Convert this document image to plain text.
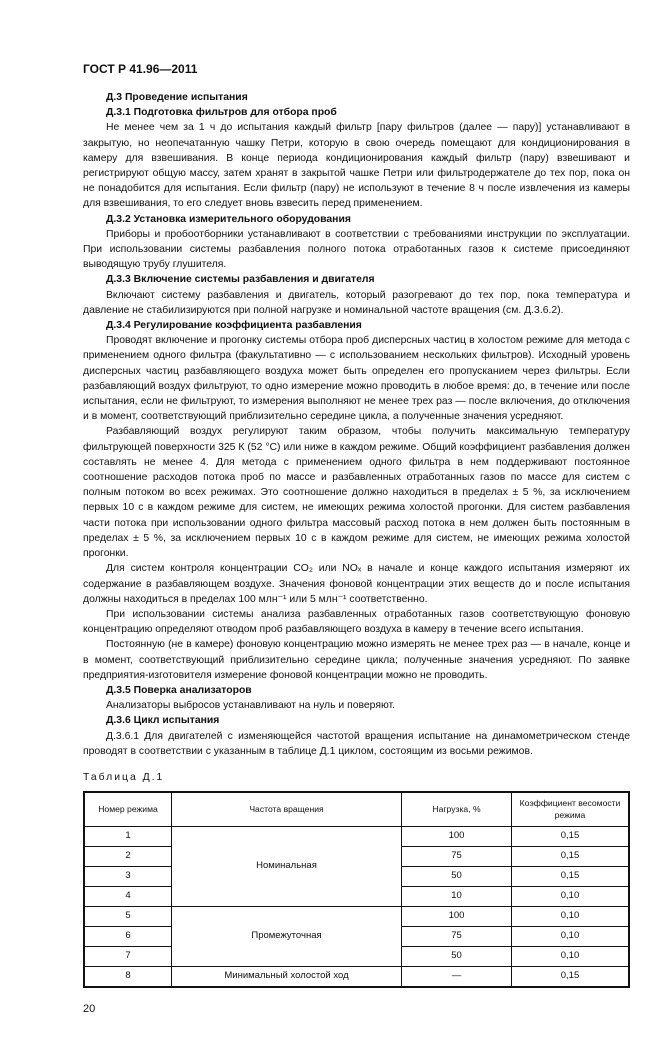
ГОСТ Р 41.96—2011
Д.3 Проведение испытания
Д.3.1 Подготовка фильтров для отбора проб
Не менее чем за 1 ч до испытания каждый фильтр [пару фильтров (далее — пару)] устанавливают в закрытую, но неопечатанную чашку Петри, которую в свою очередь помещают для кондиционирования в камеру для взвешивания. В конце периода кондиционирования каждый фильтр (пару) взвешивают и регистрируют общую массу, затем хранят в закрытой чашке Петри или фильтродержателе до тех пор, пока он не понадобится для испытания. Если фильтр (пару) не используют в течение 8 ч после извлечения из камеры для взвешивания, то его следует вновь взвесить перед применением.
Д.3.2 Установка измерительного оборудования
Приборы и пробоотборники устанавливают в соответствии с требованиями инструкции по эксплуатации. При использовании системы разбавления полного потока отработанных газов к системе присоединяют выводящую трубу глушителя.
Д.3.3 Включение системы разбавления и двигателя
Включают систему разбавления и двигатель, который разогревают до тех пор, пока температура и давление не стабилизируются при полной нагрузке и номинальной частоте вращения (см. Д.3.6.2).
Д.3.4 Регулирование коэффициента разбавления
Проводят включение и прогонку системы отбора проб дисперсных частиц в холостом режиме для метода с применением одного фильтра (факультативно — с использованием нескольких фильтров). Исходный уровень дисперсных частиц разбавляющего воздуха может быть определен его пропусканием через фильтры. Если разбавляющий воздух фильтруют, то одно измерение можно проводить в любое время: до, в течение или после испытания, если не фильтруют, то измерения выполняют не менее трех раз — после включения, до отключения и в момент, соответствующий приблизительно середине цикла, а полученные значения усредняют.
Разбавляющий воздух регулируют таким образом, чтобы получить максимальную температуру фильтрующей поверхности 325 К (52 °С) или ниже в каждом режиме. Общий коэффициент разбавления должен составлять не менее 4. Для метода с применением одного фильтра в нем поддерживают постоянное соотношение расходов потока проб по массе и разбавленных отработанных газов по массе для систем с полным потоком во всех режимах. Это соотношение должно находиться в пределах ± 5 %, за исключением первых 10 с в каждом режиме для систем, не имеющих режима холостой прогонки. Для систем разбавления части потока при использовании одного фильтра массовый расход потока в нем должен быть постоянным в пределах ± 5 %, за исключением первых 10 с в каждом режиме для систем, не имеющих режима холостой прогонки.
Для систем контроля концентрации CO₂ или NOₓ в начале и конце каждого испытания измеряют их содержание в разбавляющем воздухе. Значения фоновой концентрации этих веществ до и после испытания должны находиться в пределах 100 млн⁻¹ или 5 млн⁻¹ соответственно.
При использовании системы анализа разбавленных отработанных газов соответствующую фоновую концентрацию определяют отводом проб разбавляющего воздуха в камеру в течение всего испытания.
Постоянную (не в камере) фоновую концентрацию можно измерять не менее трех раз — в начале, конце и в момент, соответствующий приблизительно середине цикла; полученные значения усредняют. По заявке предприятия-изготовителя измерение фоновой концентрации можно не проводить.
Д.3.5 Поверка анализаторов
Анализаторы выбросов устанавливают на нуль и поверяют.
Д.3.6 Цикл испытания
Д.3.6.1 Для двигателей с изменяющейся частотой вращения испытание на динамометрическом стенде проводят в соответствии с указанным в таблице Д.1 циклом, состоящим из восьми режимов.
Таблица Д.1
Номер режима	Частота вращения	Нагрузка, %	Коэффициент весомости режима
1	Номинальная	100	0,15
2		75	0,15
3		50	0,15
4		10	0,10
5	Промежуточная	100	0,10
6		75	0,10
7		50	0,10
8	Минимальный холостой ход	—	0,15
20
